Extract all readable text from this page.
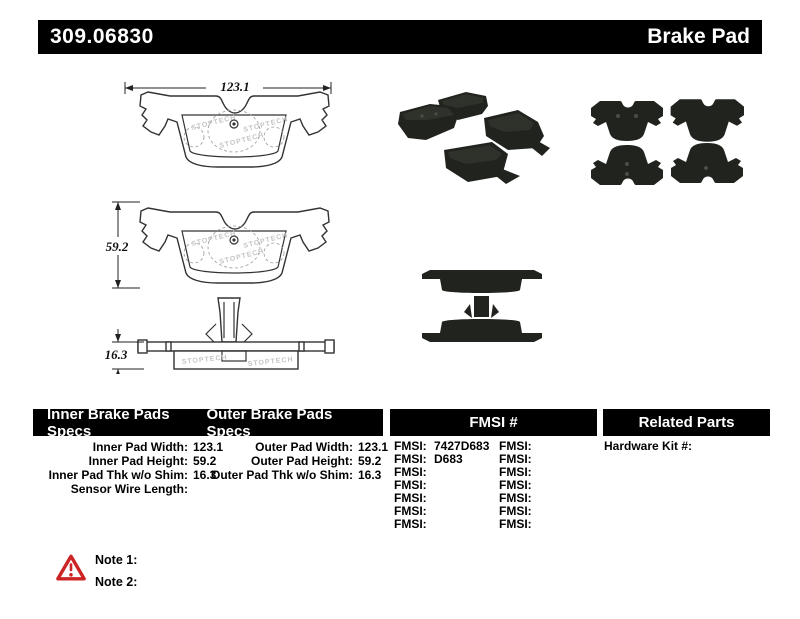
309.06830	Brake Pad
STOPTECH	STOPTECH
123.1
59.2
16.3
Inner Brake Pads Specs
Outer Brake Pads Specs	FMSI #	Related Parts
Inner Pad Width: 123.1
Inner Pad Height: 59.2
Inner Pad Thk w/o Shim: 16.3
Sensor Wire Length:
Outer Pad Width: 123.1
Outer Pad Height: 59.2
Outer Pad Thk w/o Shim: 16.3
FMSI: 7427D683
FMSI: D683
FMSI:
FMSI:
FMSI:
FMSI:
FMSI:
FMSI:
FMSI:
FMSI:
FMSI:
FMSI:
FMSI:
FMSI:
Hardware Kit #:
Note 1:
Note 2:
